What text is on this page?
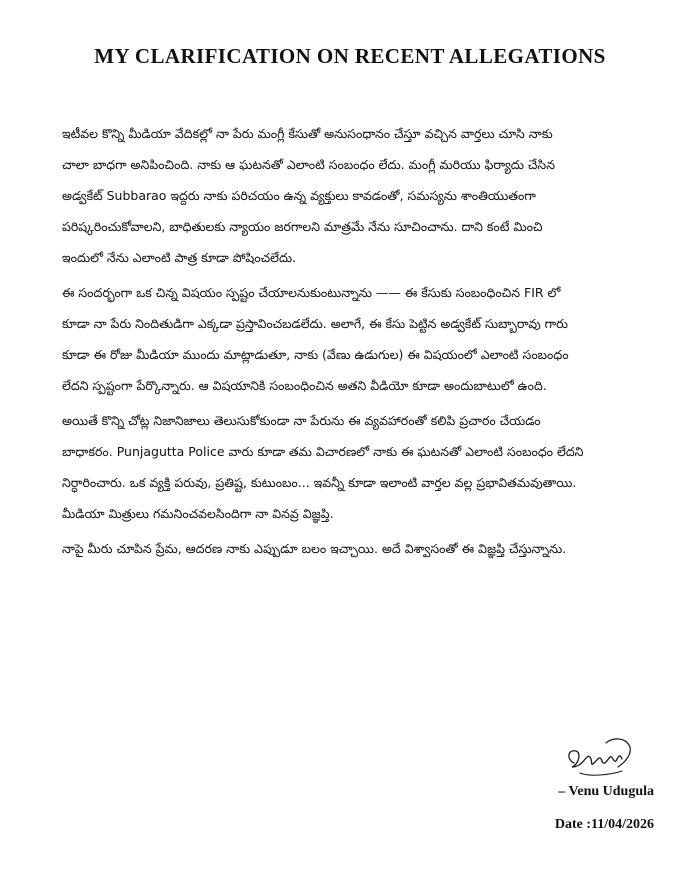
MY CLARIFICATION ON RECENT ALLEGATIONS
ఇటీవల కొన్ని మీడియా వేదికల్లో నా పేరు మంగ్లీ కేసుతో అనుసంధానం చేస్తూ వచ్చిన వార్తలు చూసి నాకు
చాలా బాధగా అనిపించింది. నాకు ఆ ఘటనతో ఎలాంటి సంబంధం లేదు. మంగ్లీ మరియు ఫిర్యాదు చేసిన
అడ్వకేట్ Subbarao ఇద్దరు నాకు పరిచయం ఉన్న వ్యక్తులు కావడంతో, సమస్యను శాంతియుతంగా
పరిష్కరించుకోవాలని, బాధితులకు న్యాయం జరగాలని మాత్రమే నేను సూచించాను. దాని కంటే మించి
ఇందులో నేను ఎలాంటి పాత్ర కూడా పోషించలేదు.
ఈ సందర్భంగా ఒక చిన్న విషయం స్పష్టం చేయాలనుకుంటున్నాను —— ఈ కేసుకు సంబంధించిన FIR లో
కూడా నా పేరు నిందితుడిగా ఎక్కడా ప్రస్తావించబడలేదు. అలాగే, ఈ కేసు పెట్టిన అడ్వకేట్ సుబ్బారావు గారు
కూడా ఈ రోజు మీడియా ముందు మాట్లాడుతూ, నాకు (వేణు ఉడుగుల) ఈ విషయంలో ఎలాంటి సంబంధం
లేదని స్పష్టంగా పేర్కొన్నారు. ఆ విషయానికి సంబంధించిన అతని వీడియో కూడా అందుబాటులో ఉంది.
అయితే కొన్ని చోట్ల నిజానిజాలు తెలుసుకోకుండా నా పేరును ఈ వ్యవహారంతో కలిపి ప్రచారం చేయడం
బాధాకరం. Punjagutta Police వారు కూడా తమ విచారణలో నాకు ఈ ఘటనతో ఎలాంటి సంబంధం లేదని
నిర్ధారించారు. ఒక వ్యక్తి పరువు, ప్రతిష్ట, కుటుంబం... ఇవన్నీ కూడా ఇలాంటి వార్తల వల్ల ప్రభావితమవుతాయి.
మీడియా మిత్రులు గమనించవలసిందిగా నా వినవ్ర విజ్ఞప్తి.
నాపై మీరు చూపిన ప్రేమ, ఆదరణ నాకు ఎప్పుడూ బలం ఇచ్చాయి. అదే విశ్వాసంతో ఈ విజ్ఞప్తి చేస్తున్నాను.
– Venu Udugula
Date :11/04/2026
